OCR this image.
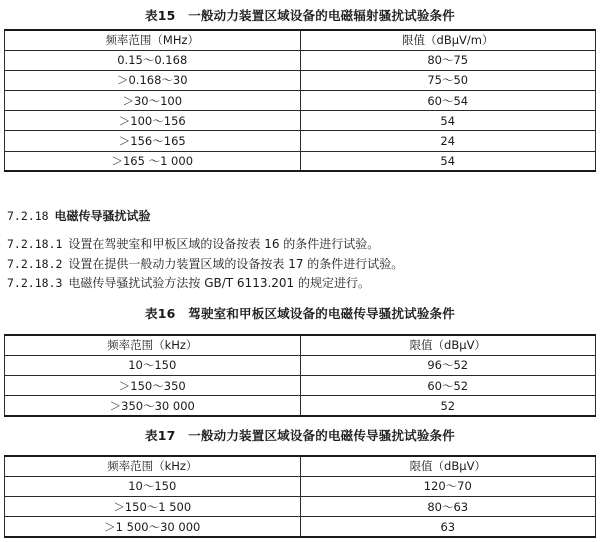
表15　一般动力装置区域设备的电磁辐射骚扰试验条件
频率范围（MHz）	限值（dBμV/m）
0.15～0.168	80～75
＞0.168～30	75～50
＞30～100	60～54
＞100～156	54
＞156～165	24
＞165 ～1 000	54
7.2.18 电磁传导骚扰试验
7.2.18.1 设置在驾驶室和甲板区域的设备按表 16 的条件进行试验。
7.2.18.2 设置在提供一般动力装置区域的设备按表 17 的条件进行试验。
7.2.18.3 电磁传导骚扰试验方法按 GB/T 6113.201 的规定进行。
表16　驾驶室和甲板区域设备的电磁传导骚扰试验条件
频率范围（kHz）	限值（dBμV）
10～150	96～52
＞150～350	60～52
＞350～30 000	52
表17　一般动力装置区域设备的电磁传导骚扰试验条件
频率范围（kHz）	限值（dBμV）
10～150	120～70
＞150～1 500	80～63
＞1 500～30 000	63
